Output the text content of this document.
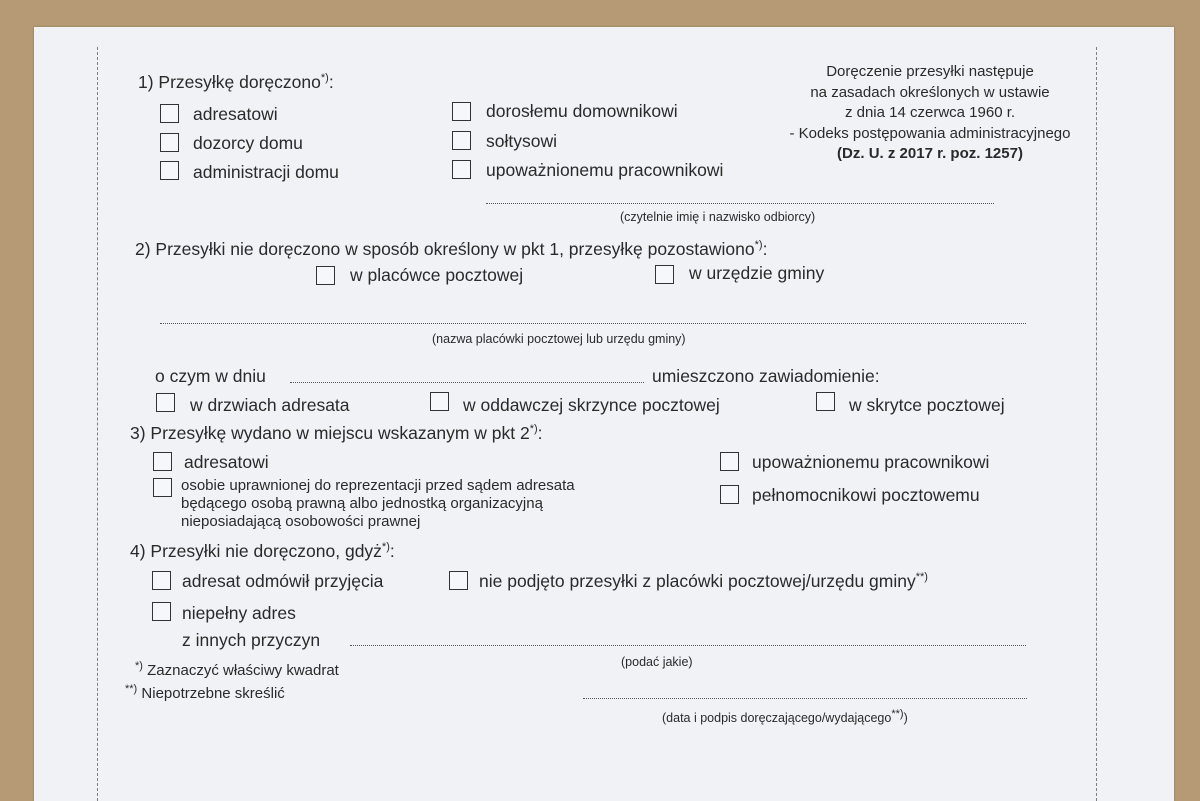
Doręczenie przesyłki następuje
na zasadach określonych w ustawie
z dnia 14 czerwca 1960 r.
- Kodeks postępowania administracyjnego
(Dz. U. z 2017 r. poz. 1257)
1) Przesyłkę doręczono*):
adresatowi
dozorcy domu
administracji domu
dorosłemu domownikowi
sołtysowi
upoważnionemu pracownikowi
(czytelnie imię i nazwisko odbiorcy)
2) Przesyłki nie doręczono w sposób określony w pkt 1, przesyłkę pozostawiono*):
w placówce pocztowej	w urzędzie gminy
(nazwa placówki pocztowej lub urzędu gminy)
o czym w dniu	umieszczono zawiadomienie:
w drzwiach adresata	w oddawczej skrzynce pocztowej	w skrytce pocztowej
3) Przesyłkę wydano w miejscu wskazanym w pkt 2*):
adresatowi
osobie uprawnionej do reprezentacji przed sądem adresata
będącego osobą prawną albo jednostką organizacyjną
nieposiadającą osobowości prawnej
upoważnionemu pracownikowi
pełnomocnikowi pocztowemu
4) Przesyłki nie doręczono, gdyż*):
adresat odmówił przyjęcia	nie podjęto przesyłki z placówki pocztowej/urzędu gminy**)
niepełny adres
z innych przyczyn
(podać jakie)
*) Zaznaczyć właściwy kwadrat
**) Niepotrzebne skreślić
(data i podpis doręczającego/wydającego**))
